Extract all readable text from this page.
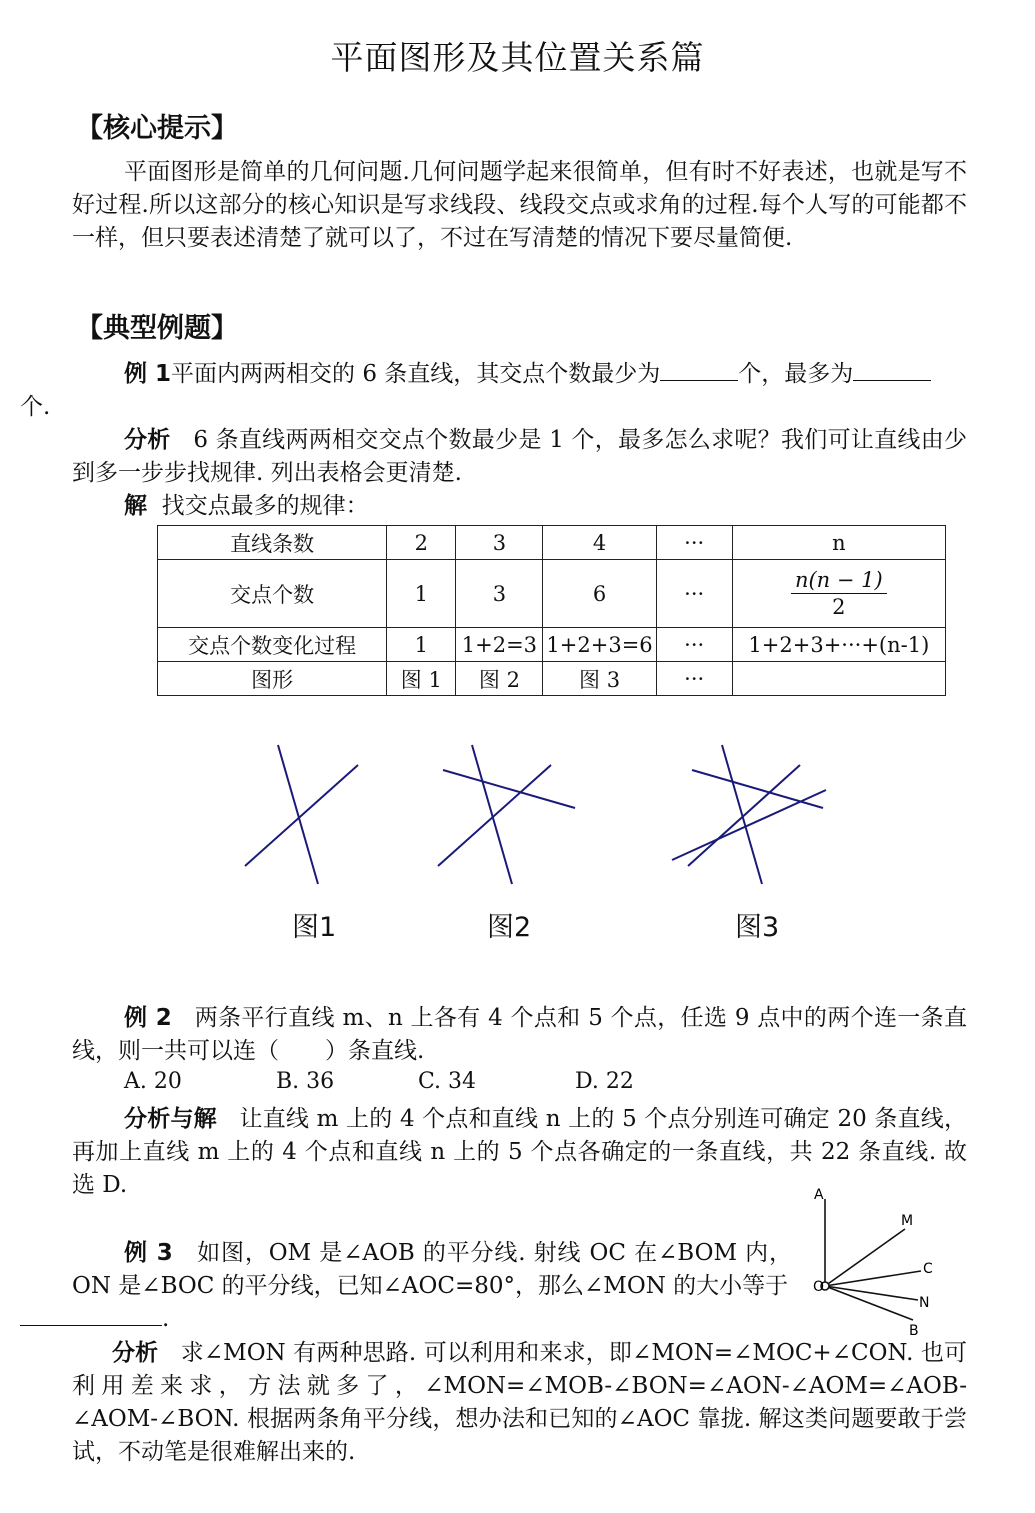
平面图形及其位置关系篇
【核心提示】
平面图形是简单的几何问题.几何问题学起来很简单，但有时不好表述，也就是写不好过程.所以这部分的核心知识是写求线段、线段交点或求角的过程.每个人写的可能都不一样，但只要表述清楚了就可以了，不过在写清楚的情况下要尽量简便.
【典型例题】
例 1平面内两两相交的 6 条直线，其交点个数最少为	个，最多为
个.
分析 6 条直线两两相交交点个数最少是 1 个，最多怎么求呢？我们可让直线由少到多一步步找规律. 列出表格会更清楚.
解 找交点最多的规律：
直线条数	2	3	4	···	n
交点个数	1	3	6	···	$\frac{n(n - 1)}{2}$

交点个数变化过程	1	1+2=3	1+2+3=6	···	1+2+3+···+(n-1)
图形	图 1	图 2	图 3	···	
图1	图2	图3
例 2 两条平行直线 m、n 上各有 4 个点和 5 个点，任选 9 点中的两个连一条直线，则一共可以连（　　）条直线.
A. 20	B. 36	C. 34	D. 22
分析与解 让直线 m 上的 4 个点和直线 n 上的 5 个点分别连可确定 20 条直线，再加上直线 m 上的 4 个点和直线 n 上的 5 个点各确定的一条直线，共 22 条直线. 故选 D.
例 3 如图，OM 是∠AOB 的平分线. 射线 OC 在∠BOM 内，ON 是∠BOC 的平分线，已知∠AOC=80°，那么∠MON 的大小等于
.
A
M
C
N
B
O
分析 求∠MON 有两种思路. 可以利用和来求，即∠MON=∠MOC+∠CON. 也可利用差来求，方法就多了，∠MON=∠MOB-∠BON=∠AON-∠AOM=∠AOB-∠AOM-∠BON. 根据两条角平分线，想办法和已知的∠AOC 靠拢. 解这类问题要敢于尝试，不动笔是很难解出来的.
